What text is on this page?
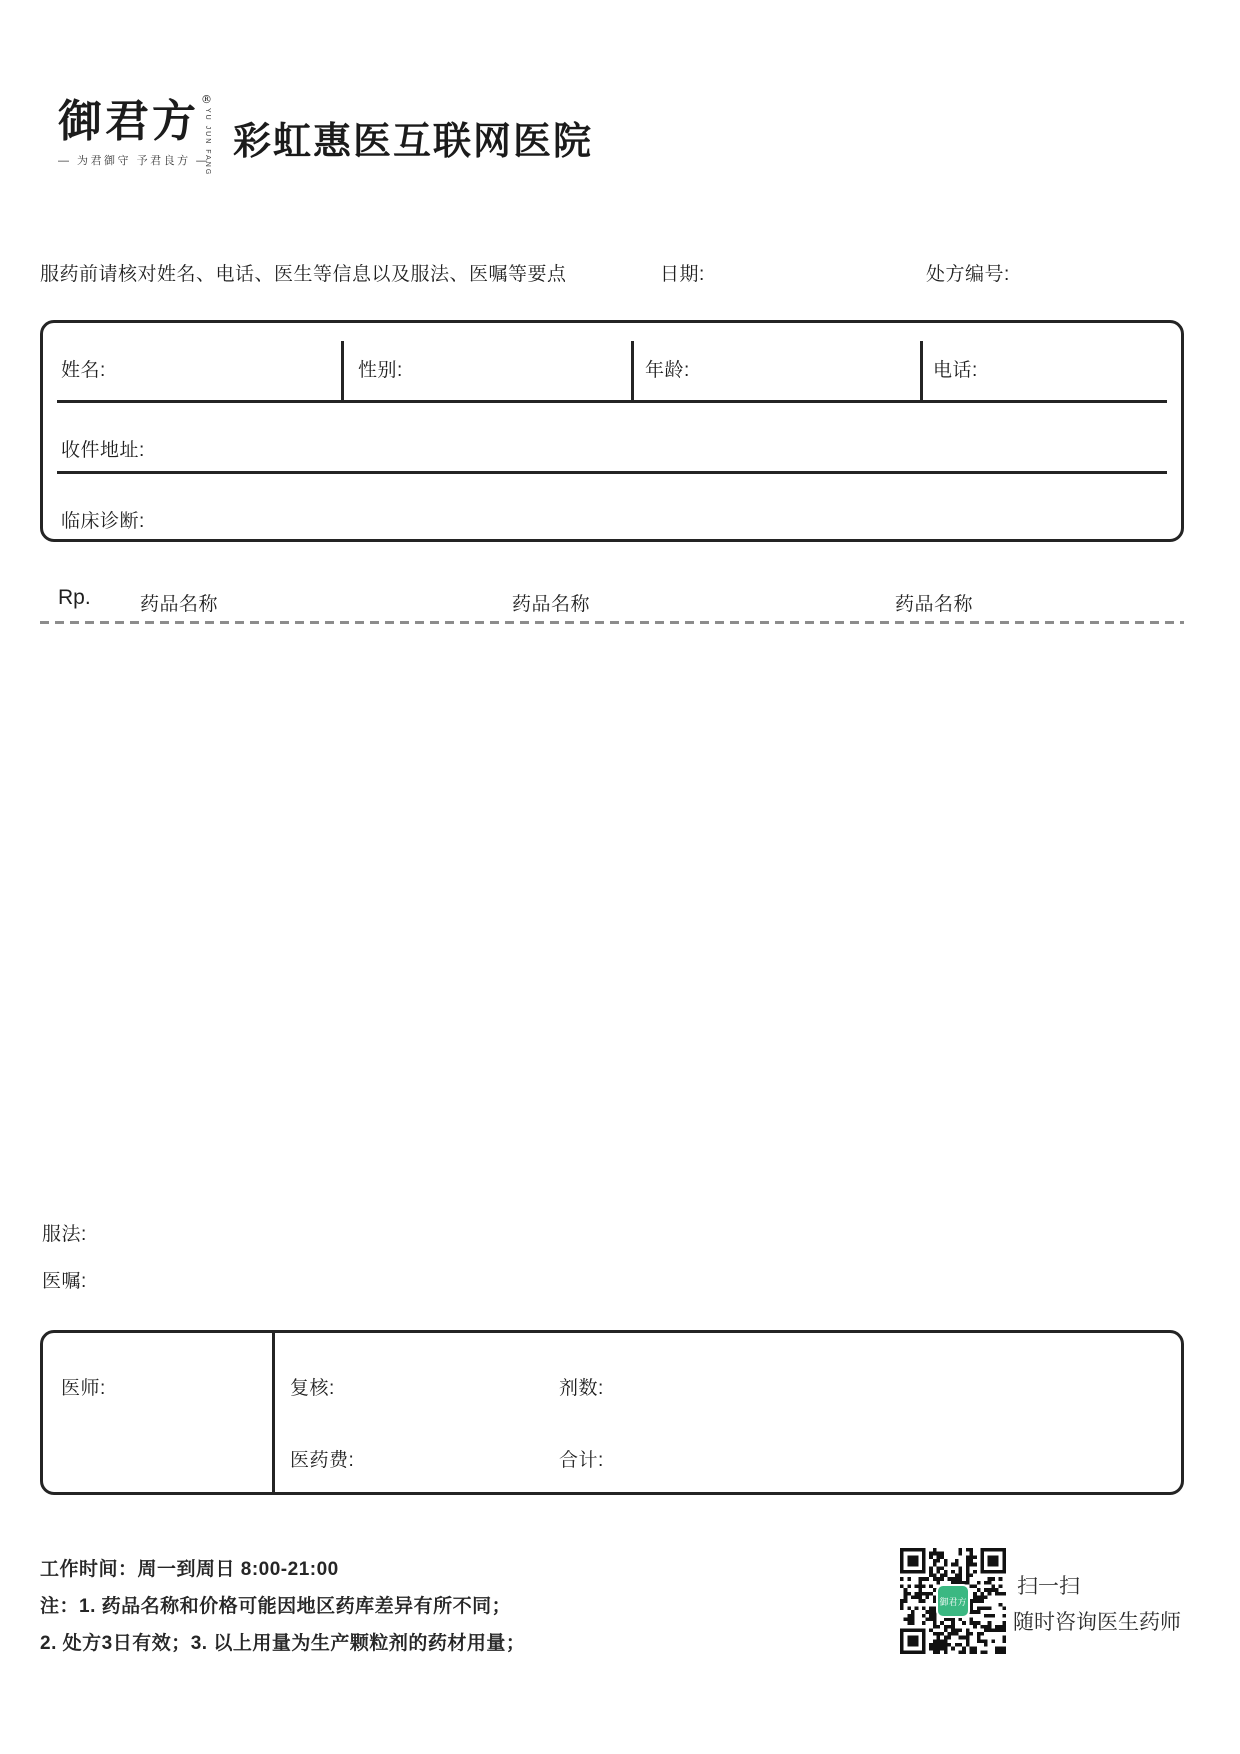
御君方 ®
YU JUN FANG
— 为君御守 予君良方 — 彩虹惠医互联网医院
服药前请核对姓名、电话、医生等信息以及服法、医嘱等要点	日期:	处方编号:
姓名:	性别:	年龄:	电话:
收件地址:
临床诊断:
Rp.	药品名称	药品名称	药品名称
服法:
医嘱:
医师:	复核:	剂数:
医药费:	合计:
工作时间：周一到周日 8:00-21:00
注：1. 药品名称和价格可能因地区药库差异有所不同；
2. 处方3日有效；3. 以上用量为生产颗粒剂的药材用量；
御君方
扫一扫
随时咨询医生药师
